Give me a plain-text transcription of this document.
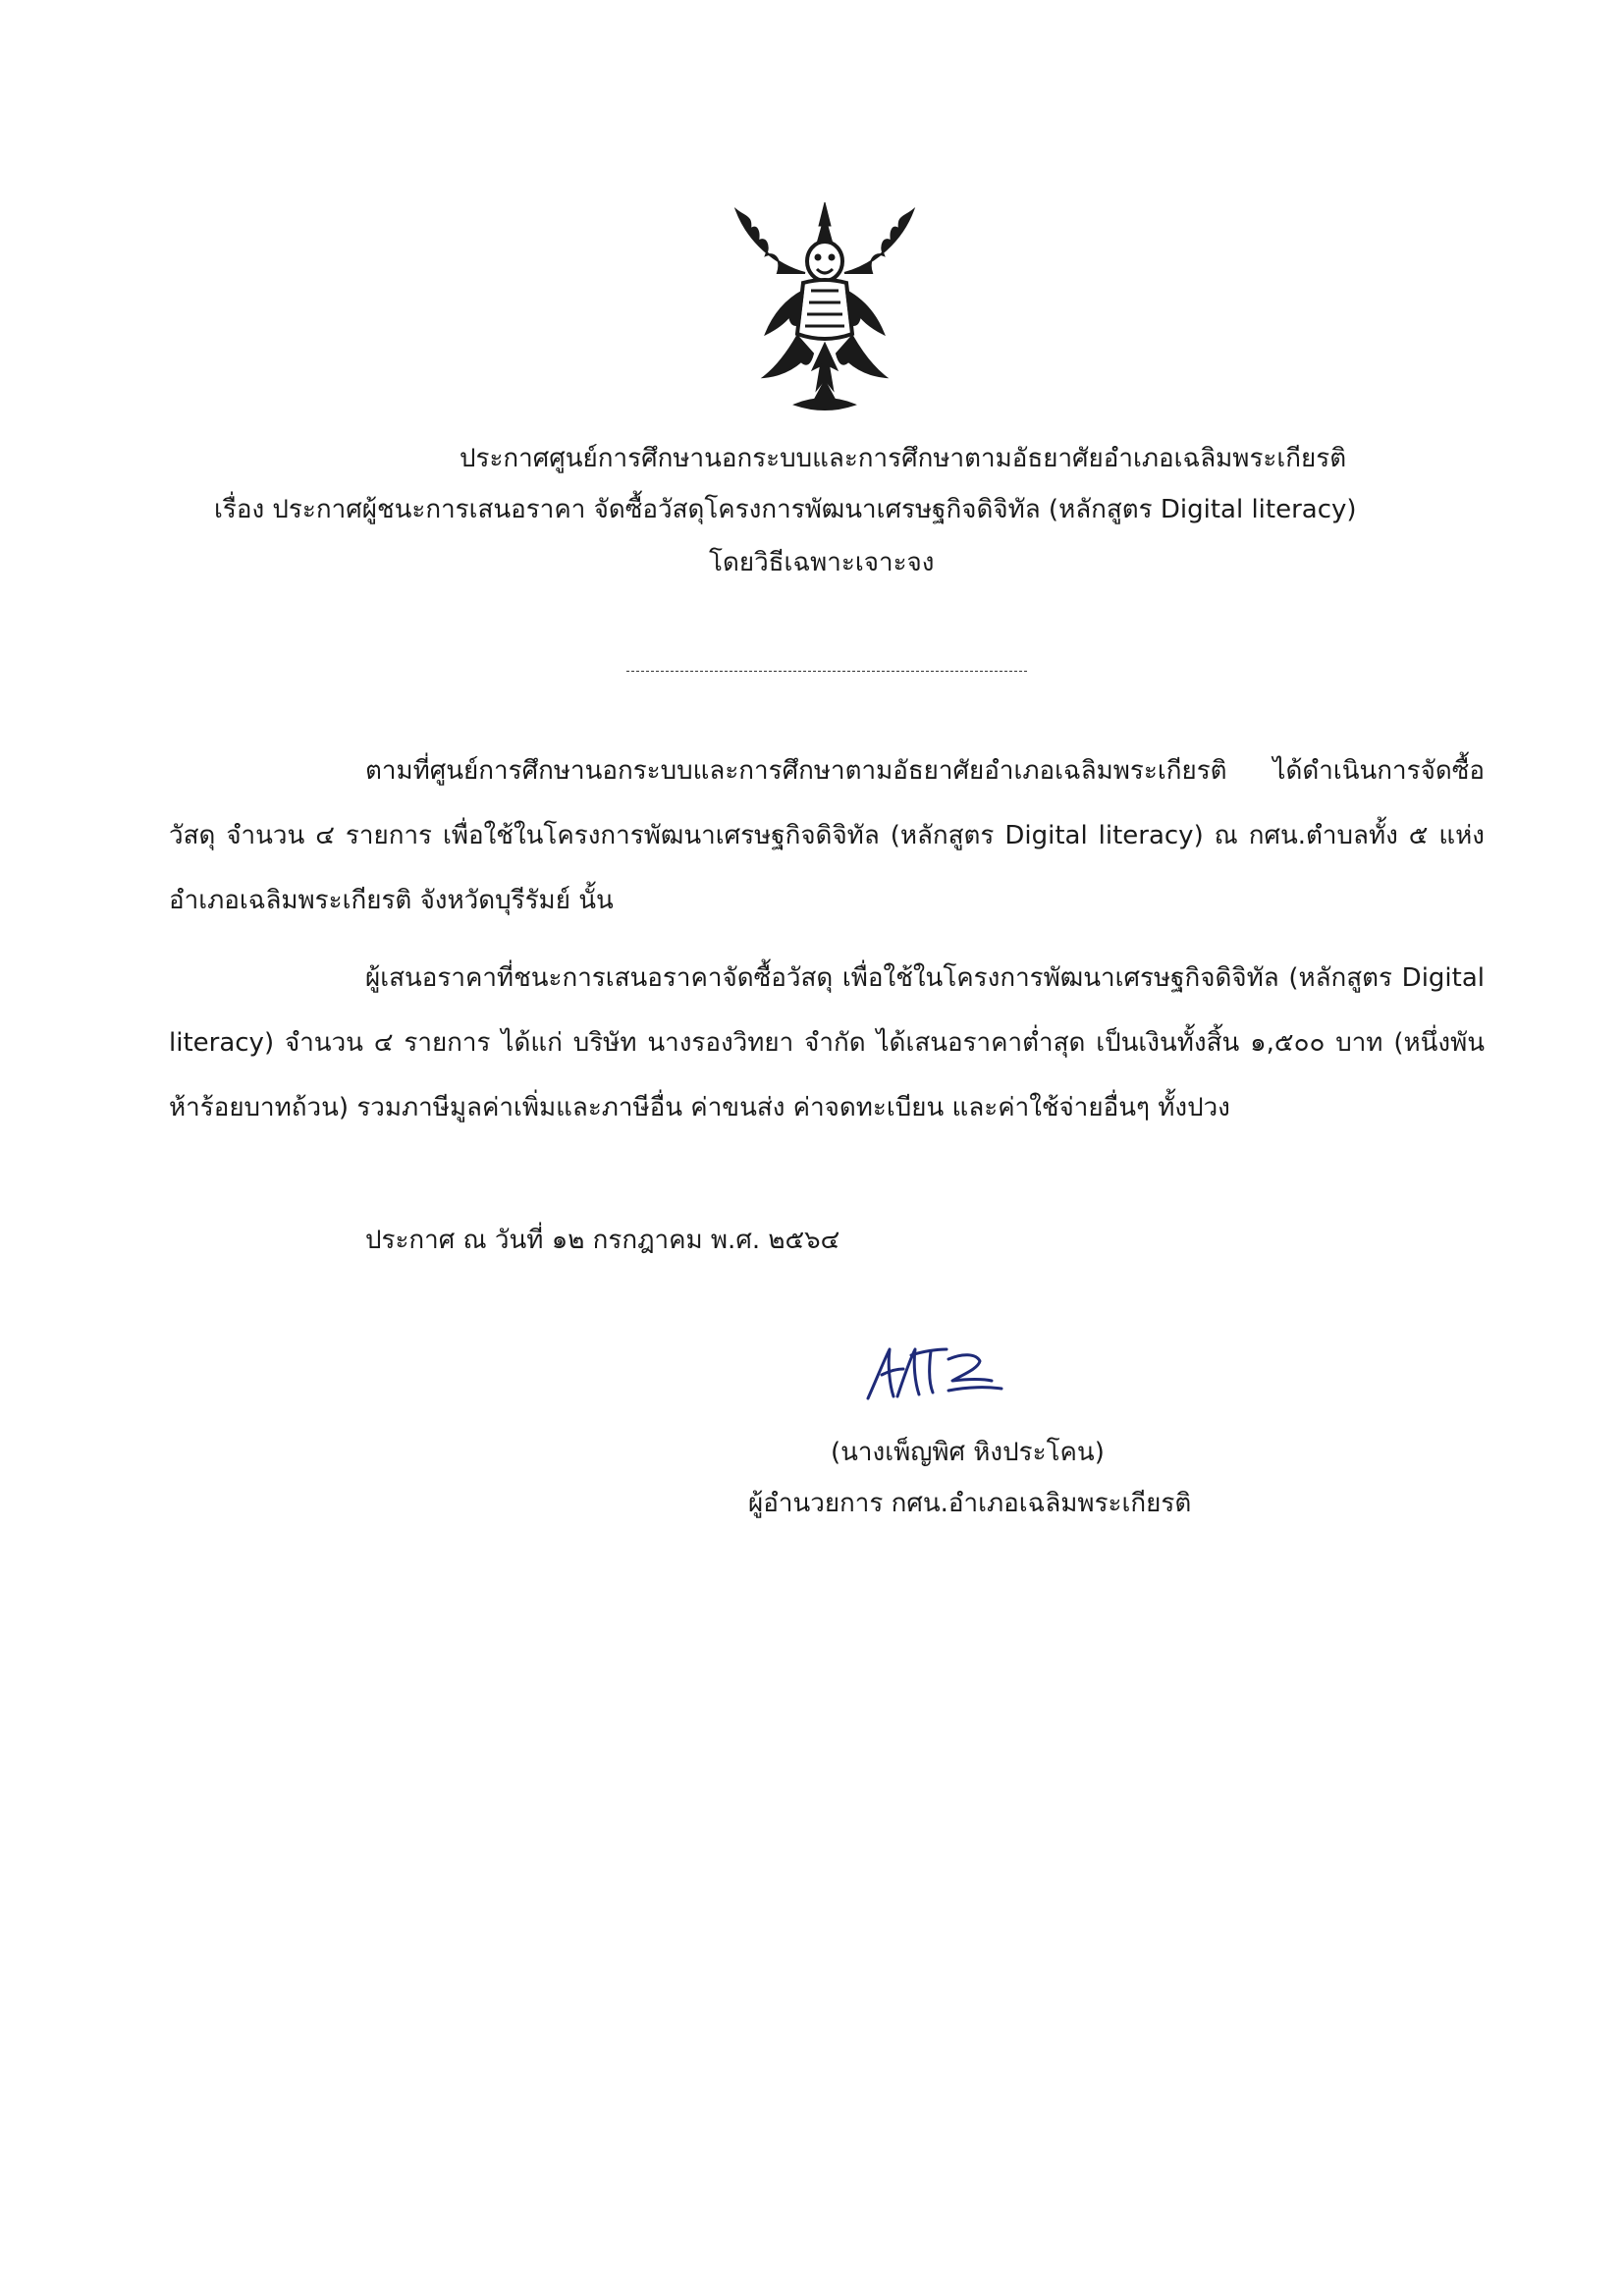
ประกาศศูนย์การศึกษานอกระบบและการศึกษาตามอัธยาศัยอำเภอเฉลิมพระเกียรติ
เรื่อง ประกาศผู้ชนะการเสนอราคา จัดซื้อวัสดุโครงการพัฒนาเศรษฐกิจดิจิทัล (หลักสูตร Digital literacy)
โดยวิธีเฉพาะเจาะจง
ตามที่ศูนย์การศึกษานอกระบบและการศึกษาตามอัธยาศัยอำเภอเฉลิมพระเกียรติ ได้ดำเนินการจัดซื้อวัสดุ จำนวน ๔ รายการ เพื่อใช้ในโครงการพัฒนาเศรษฐกิจดิจิทัล (หลักสูตร Digital literacy) ณ กศน.ตำบลทั้ง ๕ แห่ง อำเภอเฉลิมพระเกียรติ จังหวัดบุรีรัมย์ นั้น
ผู้เสนอราคาที่ชนะการเสนอราคาจัดซื้อวัสดุ เพื่อใช้ในโครงการพัฒนาเศรษฐกิจดิจิทัล (หลักสูตร Digital literacy) จำนวน ๔ รายการ ได้แก่ บริษัท นางรองวิทยา จำกัด ได้เสนอราคาต่ำสุด เป็นเงินทั้งสิ้น ๑,๕๐๐ บาท (หนึ่งพันห้าร้อยบาทถ้วน) รวมภาษีมูลค่าเพิ่มและภาษีอื่น ค่าขนส่ง ค่าจดทะเบียน และค่าใช้จ่ายอื่นๆ ทั้งปวง
ประกาศ ณ วันที่ ๑๒ กรกฎาคม พ.ศ. ๒๕๖๔
(นางเพ็ญพิศ หิงประโคน)
ผู้อำนวยการ กศน.อำเภอเฉลิมพระเกียรติ
